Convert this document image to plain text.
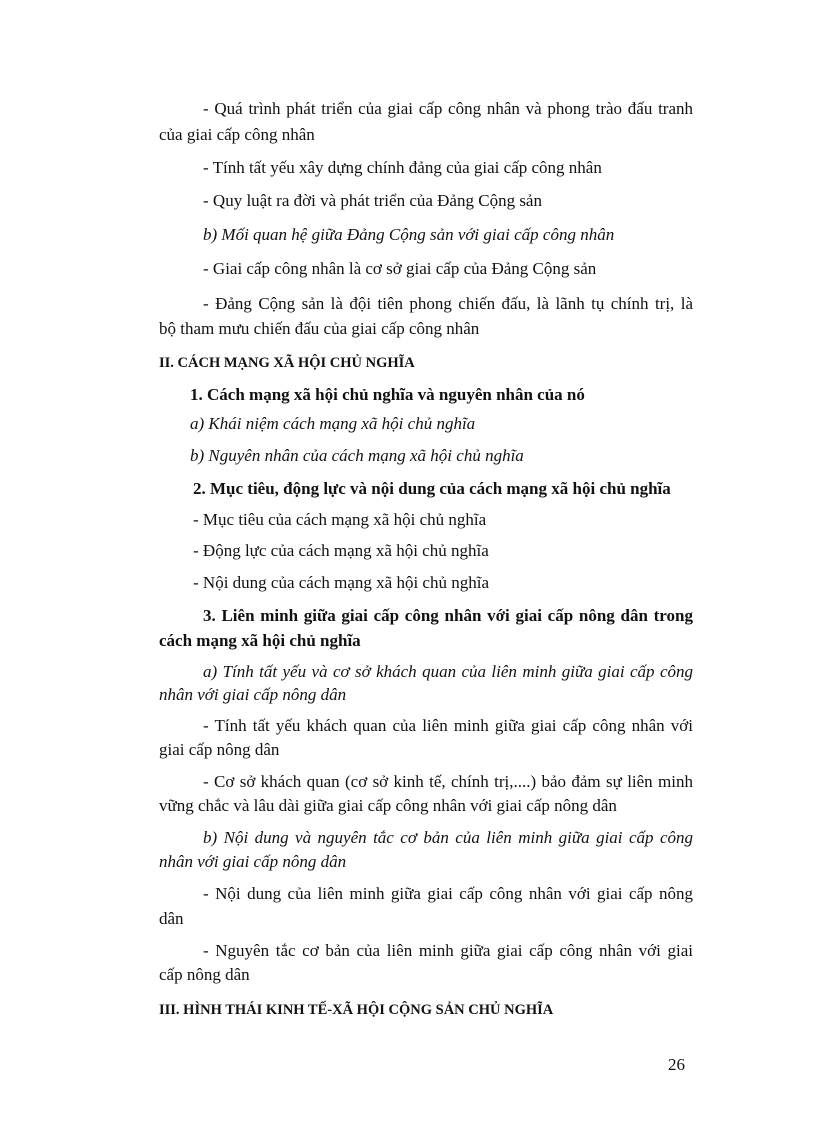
- Quá trình phát triển của giai cấp công nhân và phong trào đấu tranh
của giai cấp công nhân
- Tính tất yếu xây dựng chính đảng của giai cấp công nhân
- Quy luật ra đời và phát triển của Đảng Cộng sản
b) Mối quan hệ giữa Đảng Cộng sản với giai cấp công nhân
- Giai cấp công nhân là cơ sở giai cấp của Đảng Cộng sản
- Đảng Cộng sản là đội tiên phong chiến đấu, là lãnh tụ chính trị, là
bộ tham mưu chiến đấu của giai cấp công nhân
II. CÁCH MẠNG XÃ HỘI CHỦ NGHĨA
1. Cách mạng xã hội chủ nghĩa và nguyên nhân của nó
a) Khái niệm cách mạng xã hội chủ nghĩa
b) Nguyên nhân của cách mạng xã hội chủ nghĩa
2. Mục tiêu, động lực và nội dung của cách mạng xã hội chủ nghĩa
- Mục tiêu của cách mạng xã hội chủ nghĩa
- Động lực của cách mạng xã hội chủ nghĩa
- Nội dung của cách mạng xã hội chủ nghĩa
3. Liên minh giữa giai cấp công nhân với giai cấp nông dân trong
cách mạng xã hội chủ nghĩa
a) Tính tất yếu và cơ sở khách quan của liên minh giữa giai cấp công
nhân với giai cấp nông dân
- Tính tất yếu khách quan của liên minh giữa giai cấp công nhân với
giai cấp nông dân
- Cơ sở khách quan (cơ sở kinh tế, chính trị,....) bảo đảm sự liên minh
vững chắc và lâu dài giữa giai cấp công nhân với giai cấp nông dân
b) Nội dung và nguyên tắc cơ bản của liên minh giữa giai cấp công
nhân với giai cấp nông dân
- Nội dung của liên minh giữa giai cấp công nhân với giai cấp nông
dân
- Nguyên tắc cơ bản của liên minh giữa giai cấp công nhân với giai
cấp nông dân
III. HÌNH THÁI KINH TẾ-XÃ HỘI CỘNG SẢN CHỦ NGHĨA
26
